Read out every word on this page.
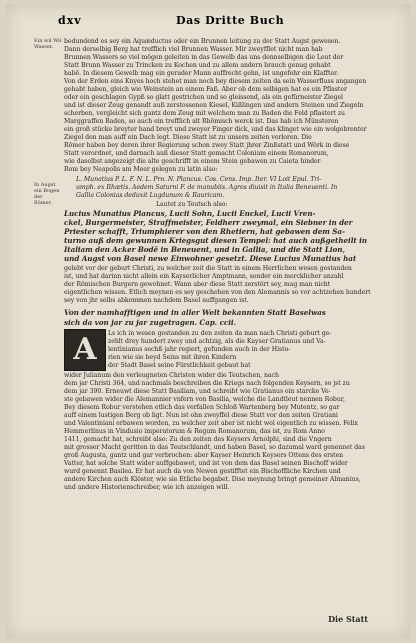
dxv	Das Dritte Buch
Ein wil Wil Wasser.
In Augst ein Bogen der Römer.
bedundend es sey ein Aquæductus oder ein Brunnen leitung zu der Statt Augst gewesen.
Dann derselbig Berg hat trefflich viel Brunnen Wasser. Mir zweyfflet nicht man hab
Brunnen Wassers so viel mögen geleiten in das Gewelb das uns dennselbigen die Leut der
Statt Brunn Wasser zu Trincken zu Kochen und zu allem andern brauch genug gehabt
habē. In diesem Gewelb mag ein gerader Mann auffrecht gehn, ist ungefehr ein Klaffter.
Von der Erden eins Knyes hoch stehet man noch bey diesem zeiten da sein Wasserfluss angangen
gehabt haben, gleich wie Weinstein an einem Faß. Aber ob dem selbigen hat es ein Pflaster
oder ein geschlagen Gypß so glatt gestrichen und so gleissend, als ein gefürneister Ziegel
und ist dieser Zeug genandt auß zerstossenen Kiesel, Kißlingen und andern Steinen und Ziegeln
scherben, vergleicht sich gantz dem Zeug mit welchem man zu Baden die Feld pflastert zu
Marggraffen Baden, so auch ein trefflich alt Rhömisch werck ist. Das hab ich Münsteren
ein groß stücke breyter hand breyt und zweyer Finger dick, und das klinget wie ein wolgebrenter
Ziegel den man auff ein Dach legt. Diese Statt ist zu unsern zeiten verloren. Die
Römer haben bey deren ihrer Regierung schon zwey Statt jhrer Zinßstatt und Wörk in diese
Statt verordnet, und darnach auß dieser Statt gemacht Coloniam einem Romanorum,
wie daselbst angezeigt die alte geschrifft in einem Stein gehawen zu Caieta hinder
Rom bey Neapolis am Meer gelegen zu latin also:
L. Munatius P. L. F. N. L. Pro. N. Plancus. Cos. Cens. Imp. Iter. VI Loit Epul. Tri-
umph. ex Rhætis. Aedem Saturni F. de manubiis. Agros diuisit in Italia Beneuenti. In
Gallia Colonias deduxit Lugdunum & Rauricam.
Lautet zu Teutsch also:
Lucius Munatius Plancus, Lucii Sohn, Lucii Enckel, Lucii Vren-
ckel, Burgermeister, Straffmeister, Feldherr zweymal, ein Siebner in der
Priester schafft, Triumphierer von den Rhetiern, hat gebawen dem Sa-
turno auß dem gewunnen Kriegsgut diesen Tempel: hat auch außgetheilt in
Italiam den Acker Bodē in Beneuent, und in Gallia, und die Statt Lion,
und Augst von Basel newe Einwohner gesetzt. Diese Lucius Munatius hat
gelebt vor der geburt Christi, zu welcher zeit die Statt in einem Herrlichen wesen gestanden
ist, und hat darinn nicht allein ein Kayserlicher Amptmann, sonder ein mercklicher anzahl
der Römischen Burgern gewohnet. Wann aber diese Statt zerstört sey, mag man nicht
eigentlichen wissen. Etlich meynen es sey geschehen von den Alemannis so vor achtzehen hundert
sey von jhr selbs abkommen nachdem Basel auffgangen ist.
Von der namhafftigen und in aller Welt bekannten Statt Baselwas
sich da von jar zu jar zugetragen. Cap. ccii.
A	Ls ich in wesen gestanden zu den zeiten da man nach Christi geburt ge-
zehlt drey hundert zwey und achtzig, als die Kayser Gratianus und Va-
lentinianus sechß jahr regiert, gefunden auch in der Histo-
rien wie sie beyd Seins mit ihren Kindern
der Stadt Basel seine Fürstlichkeit gebaut hat
wider Julianum den verleugneten Christen wider die Teutschen, nach
dem jar Christi 364, und nachmals beschreiben die Kriegs nach folgenden Keysern, so jst zu
dem jar 390. Erneuwt diese Statt Basiliam, und schreibt wie Gratianus ein starcke Ve-
ste gebawen wider die Alemannier vnfern von Basilia, welche die Landtleut nennen Robur,
Bey diesem Robur verstehen etlich das verfallen Schloß Wartenberg bey Mutentz, so gar
auff einem lustigen Berg ob ligt. Nun ist ohn zweyffel diese Statt vor den zeiten Gratiani
und Valentiniani erbawen worden, zu welcher zeit aber ist nicht wol eigentlich zu wissen. Felix
Hemmerlinus in Vindusio imperatorum & Regum Romanorum, das ist, zu Rom Anno
1411, gemacht hat, schreibt also: Zu den zeiten des Keysers Arnolphi, sind die Vngern
mit grosser Macht geritten in das Teutschlandt, und haben Basel, so dazumal ward genennet das
groß Augusta, gantz und gar verbrochen: aber Kayser Heinrich Keysers Ottens des ersten
Vatter, hat solche Statt wider auffgebawet, und ist von dem das Basel seinen Bischoff wider
wurd genennt Basilea. Er hat auch da von Newen gestifftet ein Bischoffliche Kirchen und
andere Kirchen auch Klöster, wie sie Etliche begabet. Dise meynung bringt gemeiner Almanius,
und andere Historienschreiber, wie ich anzeigen will.
Die Statt
